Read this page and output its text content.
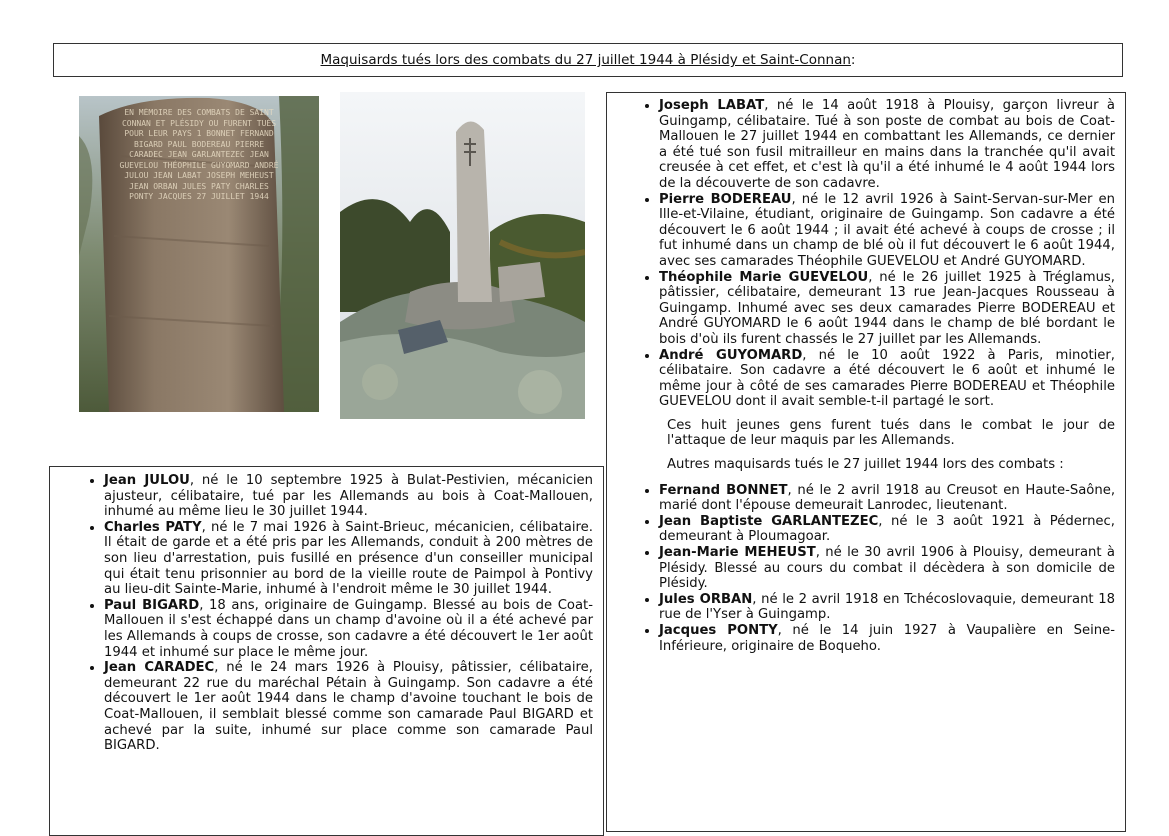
Maquisards tués lors des combats du 27 juillet 1944 à Plésidy et Saint-Connan :
EN MÉMOIRE DES COMBATS DE SAINT CONNAN ET PLÉSIDY OU FURENT TUÉS POUR LEUR PAYS 1 BONNET FERNAND BIGARD PAUL BODEREAU PIERRE CARADEC JEAN GARLANTEZEC JEAN GUEVELOU THÉOPHILE GUYOMARD ANDRÉ JULOU JEAN LABAT JOSEPH MEHEUST JEAN ORBAN JULES PATY CHARLES PONTY JACQUES 27 JUILLET 1944
• Jean JULOU, né le 10 septembre 1925 à Bulat-Pestivien, mécanicien ajusteur, célibataire, tué par les Allemands au bois à Coat-Mallouen, inhumé au même lieu le 30 juillet 1944.
• Charles PATY, né le 7 mai 1926 à Saint-Brieuc, mécanicien, célibataire. Il était de garde et a été pris par les Allemands, conduit à 200 mètres de son lieu d'arrestation, puis fusillé en présence d'un conseiller municipal qui était tenu prisonnier au bord de la vieille route de Paimpol à Pontivy au lieu-dit Sainte-Marie, inhumé à l'endroit même le 30 juillet 1944.
• Paul BIGARD, 18 ans, originaire de Guingamp. Blessé au bois de Coat-Mallouen il s'est échappé dans un champ d'avoine où il a été achevé par les Allemands à coups de crosse, son cadavre a été découvert le 1er août 1944 et inhumé sur place le même jour.
• Jean CARADEC, né le 24 mars 1926 à Plouisy, pâtissier, célibataire, demeurant 22 rue du maréchal Pétain à Guingamp. Son cadavre a été découvert le 1er août 1944 dans le champ d'avoine touchant le bois de Coat-Mallouen, il semblait blessé comme son camarade Paul BIGARD et achevé par la suite, inhumé sur place comme son camarade Paul BIGARD.
• Joseph LABAT, né le 14 août 1918 à Plouisy, garçon livreur à Guingamp, célibataire. Tué à son poste de combat au bois de Coat-Mallouen le 27 juillet 1944 en combattant les Allemands, ce dernier a été tué son fusil mitrailleur en mains dans la tranchée qu'il avait creusée à cet effet, et c'est là qu'il a été inhumé le 4 août 1944 lors de la découverte de son cadavre.
• Pierre BODEREAU, né le 12 avril 1926 à Saint-Servan-sur-Mer en Ille-et-Vilaine, étudiant, originaire de Guingamp. Son cadavre a été découvert le 6 août 1944 ; il avait été achevé à coups de crosse ; il fut inhumé dans un champ de blé où il fut découvert le 6 août 1944, avec ses camarades Théophile GUEVELOU et André GUYOMARD.
• Théophile Marie GUEVELOU, né le 26 juillet 1925 à Tréglamus, pâtissier, célibataire, demeurant 13 rue Jean-Jacques Rousseau à Guingamp. Inhumé avec ses deux camarades Pierre BODEREAU et André GUYOMARD le 6 août 1944 dans le champ de blé bordant le bois d'où ils furent chassés le 27 juillet par les Allemands.
• André GUYOMARD, né le 10 août 1922 à Paris, minotier, célibataire. Son cadavre a été découvert le 6 août et inhumé le même jour à côté de ses camarades Pierre BODEREAU et Théophile GUEVELOU dont il avait semble-t-il partagé le sort.

Ces huit jeunes gens furent tués dans le combat le jour de l'attaque de leur maquis par les Allemands.

Autres maquisards tués le 27 juillet 1944 lors des combats :

• Fernand BONNET, né le 2 avril 1918 au Creusot en Haute-Saône, marié dont l'épouse demeurait Lanrodec, lieutenant.
• Jean Baptiste GARLANTEZEC, né le 3 août 1921 à Pédernec, demeurant à Ploumagoar.
• Jean-Marie MEHEUST, né le 30 avril 1906 à Plouisy, demeurant à Plésidy. Blessé au cours du combat il décèdera à son domicile de Plésidy.
• Jules ORBAN, né le 2 avril 1918 en Tchécoslovaquie, demeurant 18 rue de l'Yser à Guingamp.
• Jacques PONTY, né le 14 juin 1927 à Vaupalière en Seine-Inférieure, originaire de Boqueho.
